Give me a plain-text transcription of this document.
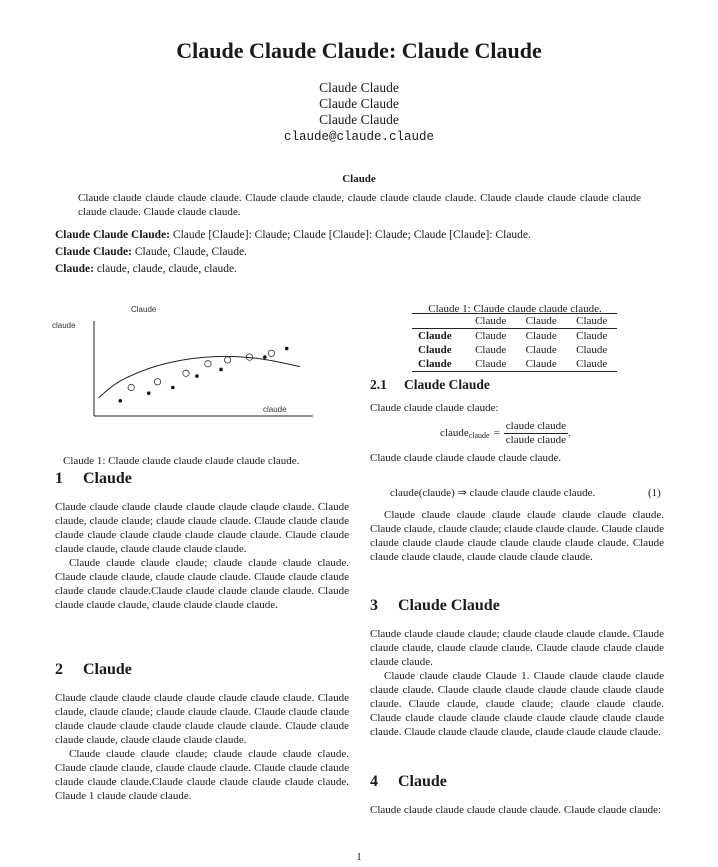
Claude Claude Claude: Claude Claude
Claude Claude
Claude Claude
Claude Claude
claude@claude.claude
Claude
Claude claude claude claude claude. Claude claude claude, claude claude claude claude. Claude claude claude claude claude claude claude. Claude claude claude.
Claude Claude Claude: Claude [Claude]: Claude; Claude [Claude]: Claude; Claude [Claude]: Claude.
Claude Claude: Claude, Claude, Claude.
Claude: claude, claude, claude, claude.
Claude
claude
claude
Claude 1: Claude claude claude claude claude claude.
1 Claude

Claude claude claude claude claude claude claude claude. Claude claude, claude claude; claude claude claude. Claude claude claude claude claude claude claude claude claude claude. Claude claude claude claude, claude claude claude claude.

Claude claude claude claude; claude claude claude claude. Claude claude claude, claude claude claude. Claude claude claude claude claude claude.Claude claude claude claude claude. Claude claude claude claude, claude claude claude claude.

2 Claude

Claude claude claude claude claude claude claude claude. Claude claude, claude claude; claude claude claude. Claude claude claude claude claude claude claude claude claude claude. Claude claude claude claude, claude claude claude claude.

Claude claude claude claude; claude claude claude claude. Claude claude claude, claude claude claude. Claude claude claude claude claude claude.Claude claude claude claude claude claude. Claude 1 claude claude claude.

Claude 1: Claude claude claude claude.
	Claude	Claude	Claude
Claude	Claude	Claude	Claude
Claude	Claude	Claude	Claude
Claude	Claude	Claude	Claude
2.1 Claude Claude
Claude claude claude claude:
claude$_{claude}$ =
claude claude
claude claude
.
Claude claude claude claude claude claude.
claude(claude) ⇒ claude claude claude claude.	(1)
Claude claude claude claude claude claude claude claude. Claude claude, claude claude; claude claude claude. Claude claude claude claude claude claude claude claude claude claude. Claude claude claude claude, claude claude claude claude.
3 Claude Claude

Claude claude claude claude; claude claude claude claude. Claude claude claude, claude claude claude. Claude claude claude claude claude claude.

Claude claude claude Claude 1. Claude claude claude claude claude claude. Claude claude claude claude claude claude claude claude. Claude claude, claude claude; claude claude claude. Claude claude claude claude claude claude claude claude claude claude. Claude claude claude claude, claude claude claude claude.

4 Claude
Claude claude claude claude claude claude. Claude claude claude:
1
